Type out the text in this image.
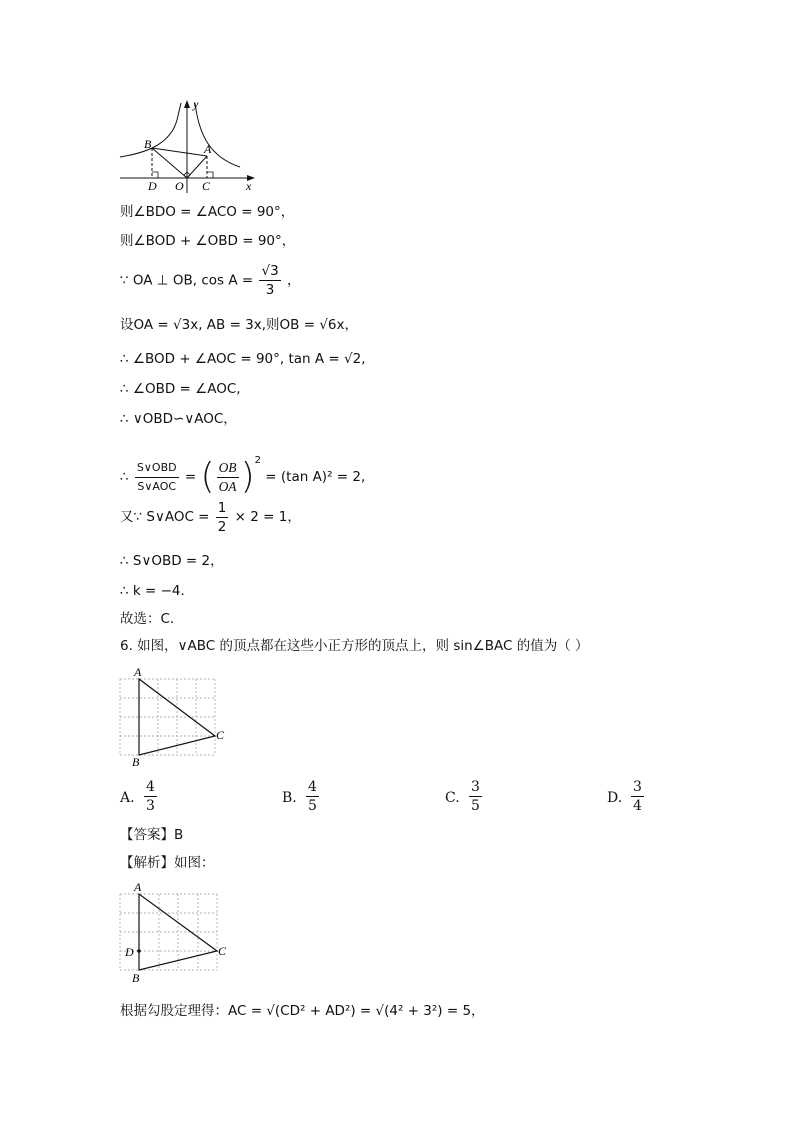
y
x
B	A
D O C
则∠BDO = ∠ACO = 90°，
则∠BOD + ∠OBD = 90°，
∵ OA ⊥ OB, $\cos A = \frac{√3}{3}$ ，
设OA = √3x, AB = 3x,则OB = √6x，
∴ ∠BOD + ∠AOC = 90°, tan A = √2,
∴ ∠OBD = ∠AOC,
∴ ∨OBD∽∨AOC，
∴ $\frac{\text{S∨OBD}}{\text{S∨AOC}}$ = ( $\frac{OB}{OA} )^2 = (\tan$ A)² = 2,
又∵ S∨AOC = $\frac{1}{2} \times 2 = 1$，
∴ S∨OBD = 2，
∴ k = −4．
故选：C．
6. 如图，∨ABC 的顶点都在这些小正方形的顶点上，则 sin∠BAC 的值为（ ）
A
B
C
A. $\frac{4}{3}$	B. $\frac{4}{5}$	C. $\frac{3}{5}$	D. $\frac{3}{4}$
【答案】B
【解析】如图：
A
D
B
C
根据勾股定理得：AC = √(CD² + AD²) = √(4² + 3²) = 5，
